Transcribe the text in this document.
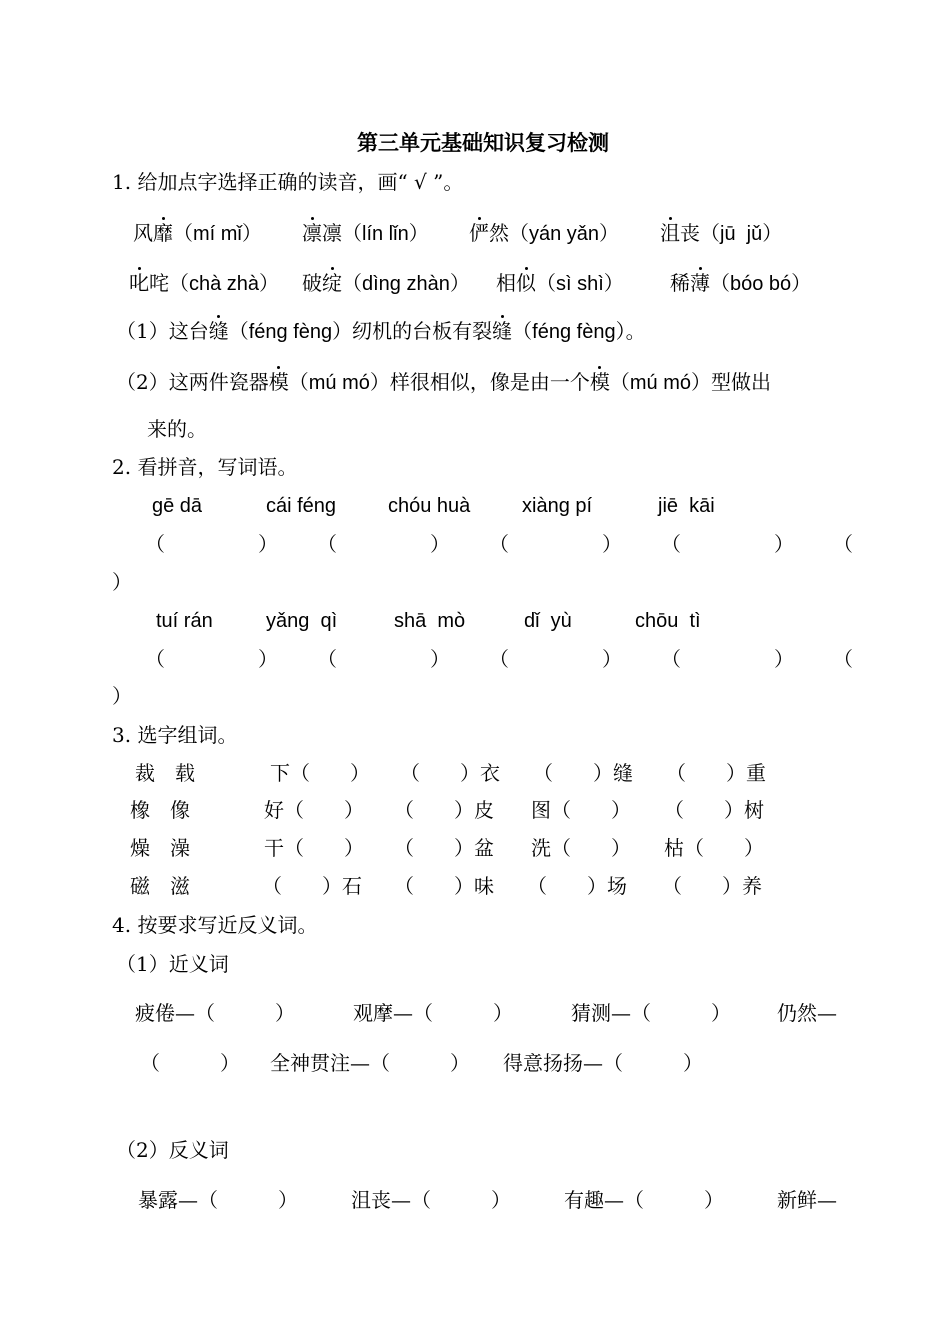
第三单元基础知识复习检测
1. 给加点字选择正确的读音，画“ √ ”。
风靡（mí mǐ） 凛凛（lín lǐn） 俨然（yán yǎn） 沮丧（jū  jǔ）
叱咤（chà zhà） 破绽（dìng zhàn） 相似（sì shì） 稀薄（bóo bó）
（1）这台缝（féng fèng）纫机的台板有裂缝（féng fèng）。
（2）这两件瓷器模（mú mó）样很相似，像是由一个模（mú mó）型做出
来的。
2. 看拼音，写词语。
gē dā	cái féng	chóu huà	xiàng pí	jiē  kāi
（	） （	） （	） （	） （
）
tuí rán	yǎng  qì	shā  mò	dǐ  yù	chōu  tì
（	） （	） （	） （	） （
）
3. 选字组词。
裁　载	下（　　） （　　）衣 （　　）缝 （　　）重
橡　像	好（　　） （　　）皮 图（　　） （　　）树
燥　澡	干（　　） （　　）盆 洗（　　） 枯（　　）
磁　滋	（　　）石 （　　）味 （　　）场 （　　）养
4. 按要求写近反义词。
（1）近义词
疲倦—（　　　）	观摩—（　　　）	猜测—（　　　） 仍然—
（　　　） 全神贯注—（　　　） 得意扬扬—（　　　）
（2）反义词
暴露—（　　　）	沮丧—（　　　）	有趣—（　　　）	新鲜—
